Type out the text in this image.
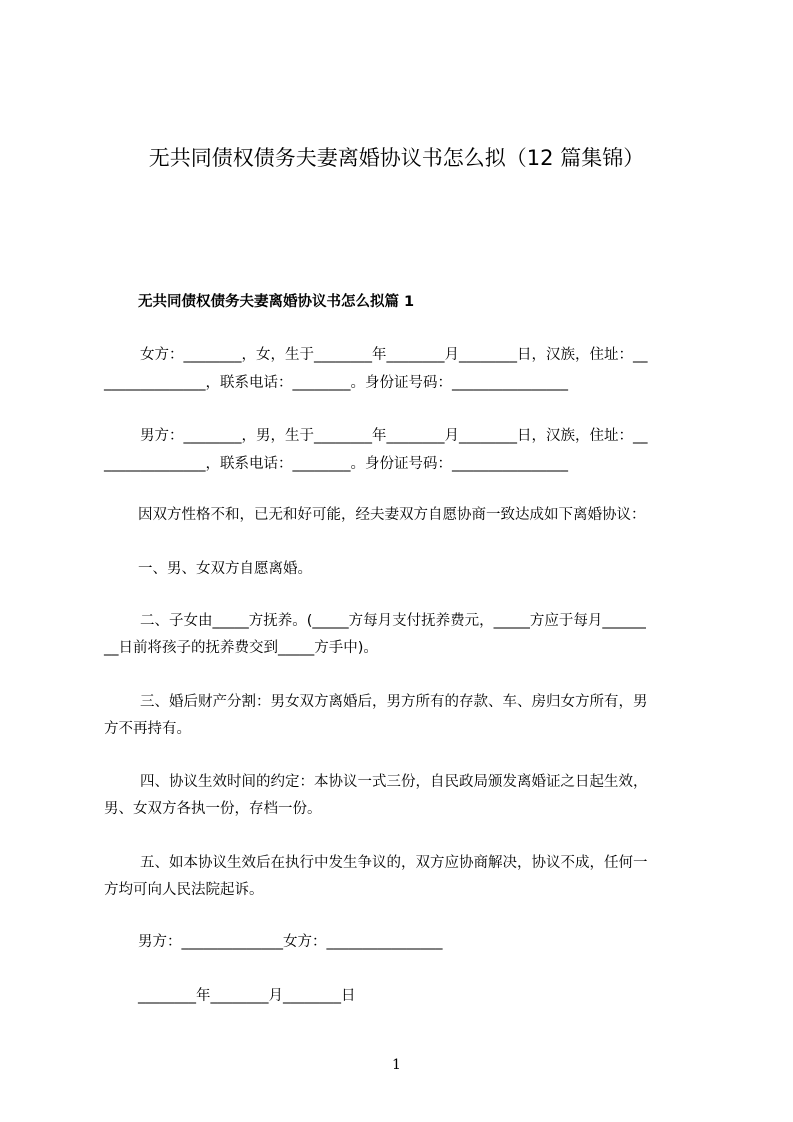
无共同债权债务夫妻离婚协议书怎么拟（12 篇集锦）
无共同债权债务夫妻离婚协议书怎么拟篇 1
女方：________，女，生于________年________月________日，汉族，住址：__
______________，联系电话：________。身份证号码：________________
男方：________，男，生于________年________月________日，汉族，住址：__
______________，联系电话：________。身份证号码：________________
因双方性格不和，已无和好可能，经夫妻双方自愿协商一致达成如下离婚协议：
一、男、女双方自愿离婚。
二、子女由_____方抚养。(_____方每月支付抚养费元，_____方应于每月______
__日前将孩子的抚养费交到_____方手中)。
三、婚后财产分割：男女双方离婚后，男方所有的存款、车、房归女方所有，男
方不再持有。
四、协议生效时间的约定：本协议一式三份，自民政局颁发离婚证之日起生效，
男、女双方各执一份，存档一份。
五、如本协议生效后在执行中发生争议的，双方应协商解决，协议不成，任何一
方均可向人民法院起诉。
男方：______________女方：________________
________年________月________日
1
